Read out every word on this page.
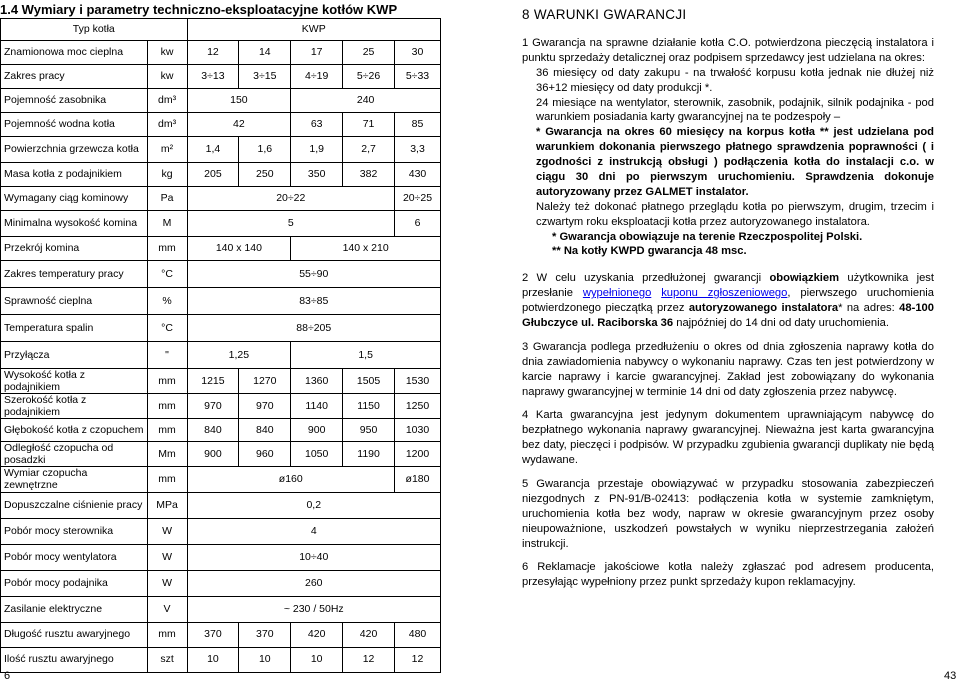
1.4 Wymiary i parametry techniczno-eksploatacyjne kotłów KWP
Typ kotła		KWP				
Znamionowa moc cieplna	kw	12	14	17	25	30
Zakres pracy	kw	3÷13	3÷15	4÷19	5÷26	5÷33
Pojemność zasobnika	dm³	150		240		
Pojemność wodna kotła	dm³	42		63	71	85
Powierzchnia grzewcza kotła	m²	1,4	1,6	1,9	2,7	3,3
Masa kotła z podajnikiem	kg	205	250	350	382	430
Wymagany ciąg kominowy	Pa	20÷22				20÷25
Minimalna wysokość komina	M	5				6
Przekrój komina	mm	140 x 140		140 x 210		
Zakres temperatury pracy	°C	55÷90				
Sprawność cieplna	%	83÷85				
Temperatura spalin	°C	88÷205				
Przyłącza	"	1,25		1,5		
Wysokość kotła z podajnikiem	mm	1215	1270	1360	1505	1530
Szerokość kotła z podajnikiem	mm	970	970	1140	1150	1250
Głębokość kotła z czopuchem	mm	840	840	900	950	1030
Odległość czopucha od posadzki	Mm	900	960	1050	1190	1200
Wymiar czopucha zewnętrzne	mm	ø160				ø180
Dopuszczalne ciśnienie pracy	MPa	0,2				
Pobór mocy sterownika	W	4				
Pobór mocy wentylatora	W	10÷40				
Pobór mocy podajnika	W	260				
Zasilanie elektryczne	V	~ 230 / 50Hz				
Długość rusztu awaryjnego	mm	370	370	420	420	480
Ilość rusztu awaryjnego	szt	10	10	10	12	12
8 WARUNKI GWARANCJI

1 Gwarancja na sprawne działanie kotła C.O. potwierdzona pieczęcią instalatora i punktu sprzedaży detalicznej oraz podpisem sprzedawcy jest udzielana na okres:

36 miesięcy od daty zakupu - na trwałość korpusu kotła jednak nie dłużej niż 36+12 miesięcy od daty produkcji *.

24 miesiące na wentylator, sterownik, zasobnik, podajnik, silnik podajnika - pod warunkiem posiadania karty gwarancyjnej na te podzespoły –

* Gwarancja na okres 60 miesięcy na korpus kotła ** jest udzielana pod warunkiem dokonania pierwszego płatnego sprawdzenia poprawności ( i zgodności z instrukcją obsługi ) podłączenia kotła do instalacji c.o. w ciągu 30 dni po pierwszym uruchomieniu. Sprawdzenia dokonuje autoryzowany przez GALMET instalator.

Należy też dokonać płatnego przeglądu kotła po pierwszym, drugim, trzecim i czwartym roku eksploatacji kotła przez autoryzowanego instalatora.

* Gwarancja obowiązuje na terenie Rzeczpospolitej Polski.

** Na kotły KWPD gwarancja 48 msc.

2 W celu uzyskania przedłużonej gwarancji obowiązkiem użytkownika jest przesłanie wypełnionego kuponu zgłoszeniowego, pierwszego uruchomienia potwierdzonego pieczątką przez autoryzowanego instalatora* na adres: 48-100 Głubczyce ul. Raciborska 36 najpóźniej do 14 dni od daty uruchomienia.

3 Gwarancja podlega przedłużeniu o okres od dnia zgłoszenia naprawy kotła do dnia zawiadomienia nabywcy o wykonaniu naprawy. Czas ten jest potwierdzony w karcie naprawy i karcie gwarancyjnej. Zakład jest zobowiązany do wykonania naprawy gwarancyjnej w terminie 14 dni od daty zgłoszenia przez nabywcę.

4 Karta gwarancyjna jest jedynym dokumentem uprawniającym nabywcę do bezpłatnego wykonania naprawy gwarancyjnej. Nieważna jest karta gwarancyjna bez daty, pieczęci i podpisów. W przypadku zgubienia gwarancji duplikaty nie będą wydawane.

5 Gwarancja przestaje obowiązywać w przypadku stosowania zabezpieczeń niezgodnych z PN-91/B-02413: podłączenia kotła w systemie zamkniętym, uruchomienia kotła bez wody, napraw w okresie gwarancyjnym przez osoby nieupoważnione, uszkodzeń powstałych w wyniku nieprzestrzegania założeń instrukcji.

6 Reklamacje jakościowe kotła należy zgłaszać pod adresem producenta, przesyłając wypełniony przez punkt sprzedaży kupon reklamacyjny.

6	43
